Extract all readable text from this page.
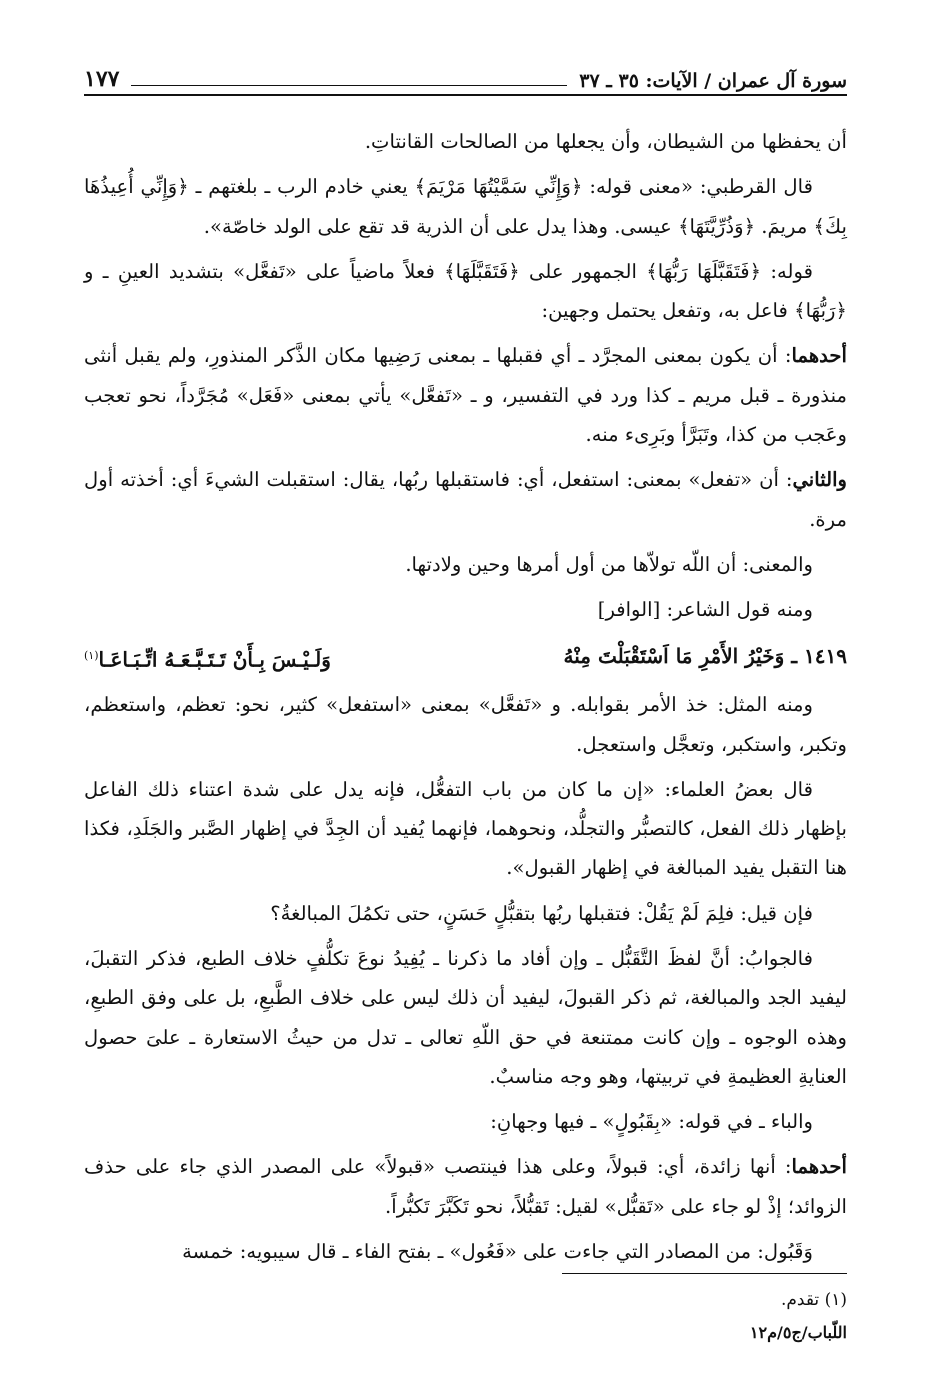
سورة آل عمران / الآيات: ٣٥ ـ ٣٧
١٧٧

أن يحفظها من الشيطان، وأن يجعلها من الصالحات القانتاتِ.

قال القرطبي: «معنى قوله: ﴿وَإِنِّي سَمَّيْتُهَا مَرْيَمَ﴾ يعني خادم الرب ـ بلغتهم ـ ﴿وَإِنِّي أُعِيذُهَا بِكَ﴾ مريمَ. ﴿وَذُرِّيَّتَهَا﴾ عيسى. وهذا يدل على أن الذرية قد تقع على الولد خاصّة».

قوله: ﴿فَتَقَبَّلَهَا رَبُّهَا﴾ الجمهور على ﴿فَتَقَبَّلَهَا﴾ فعلاً ماضياً على «تَفعَّل» بتشديد العينِ ـ و ﴿رَبُّهَا﴾ فاعل به، وتفعل يحتمل وجهين:

أحدهما: أن يكون بمعنى المجرَّد ـ أي فقبلها ـ بمعنى رَضِيها مكان الذَّكر المنذورِ، ولم يقبل أنثى منذورة ـ قبل مريم ـ كذا ورد في التفسير، و ـ «تَفعَّل» يأتي بمعنى «فَعَل» مُجَرَّداً، نحو تعجب وعَجب من كذا، وتَبَرَّأ وبَرِىء منه.

والثاني: أن «تفعل» بمعنى: استفعل، أي: فاستقبلها ربُها، يقال: استقبلت الشيءَ أي: أخذته أول مرة.

والمعنى: أن اللّه تولاّها من أول أمرها وحين ولادتها.

ومنه قول الشاعر: [الوافر]

١٤١٩ ـ وَخَيْرُ الأَمْرِ مَا اَسْتَقْبَلْتَ مِنْهُ
وَلَـيْـسَ بِـأَنْ تَـتَـبَّـعَـهُ اتِّـبَـاعَـا$^{(١)}$

ومنه المثل: خذ الأمر بقوابله. و «تَفعَّل» بمعنى «استفعل» كثير، نحو: تعظم، واستعظم، وتكبر، واستكبر، وتعجَّل واستعجل.

قال بعضُ العلماء: «إن ما كان من باب التفعُّل، فإنه يدل على شدة اعتناء ذلك الفاعل بإظهار ذلك الفعل، كالتصبُّر والتجلُّد، ونحوهما، فإنهما يُفيد أن الجِدَّ في إظهار الصَّبر والجَلَدِ، فكذا هنا التقبل يفيد المبالغة في إظهار القبول».

فإن قيل: فلِمَ لَمْ يَقُلْ: فتقبلها ربُها بتقبُّلٍ حَسَنٍ، حتى تكمُلَ المبالغةُ؟

فالجوابُ: أنَّ لفظَ التَّقَبُّل ـ وإن أفاد ما ذكرنا ـ يُفِيدُ نوعَ تكلُّفٍ خلاف الطبع، فذكر التقبلَ، ليفيد الجد والمبالغة، ثم ذكر القبولَ، ليفيد أن ذلك ليس على خلاف الطَّبعِ، بل على وفق الطبعِ، وهذه الوجوه ـ وإن كانت ممتنعة في حق اللّهِ تعالى ـ تدل من حيثُ الاستعارة ـ علىَ حصول العنايةِ العظيمةِ في تربيتها، وهو وجه مناسبٌ.

والباء ـ في قوله: «بِقَبُولٍ» ـ فيها وجهانِ:

أحدهما: أنها زائدة، أي: قبولاً، وعلى هذا فينتصب «قبولاً» على المصدر الذي جاء على حذف الزوائد؛ إذْ لو جاء على «تَقبُّل» لقيل: تَقبُّلاً، نحو تَكَبَّرَ تَكبُّراً.

وَقَبُول: من المصادر التي جاءت على «فَعُول» ـ بفتح الفاء ـ قال سيبويه: خمسة

(١) تقدم.
اللّباب/ج٥/م١٢
